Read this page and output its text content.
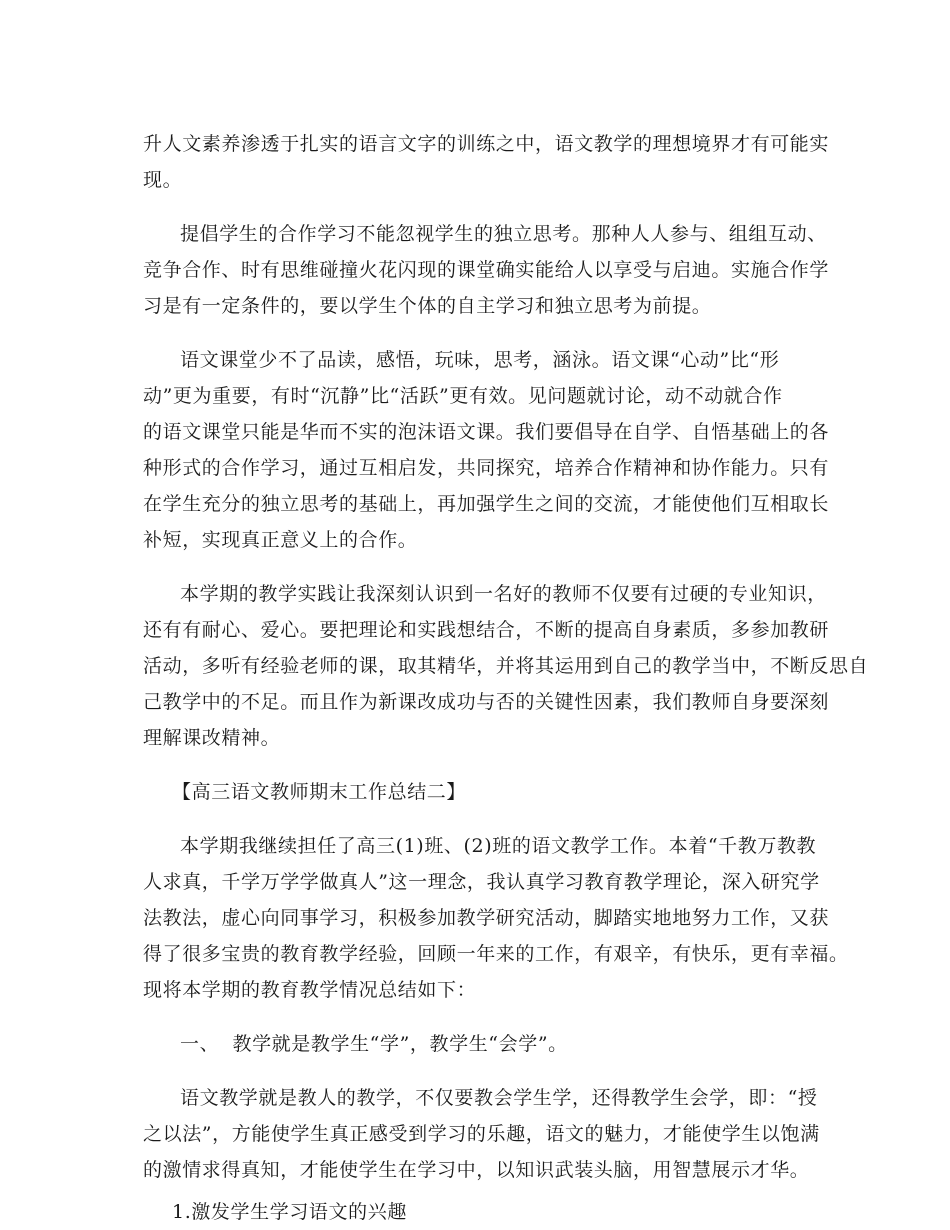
升人文素养渗透于扎实的语言文字的训练之中，语文教学的理想境界才有可能实
现。
提倡学生的合作学习不能忽视学生的独立思考。那种人人参与、组组互动、
竞争合作、时有思维碰撞火花闪现的课堂确实能给人以享受与启迪。实施合作学
习是有一定条件的，要以学生个体的自主学习和独立思考为前提。
语文课堂少不了品读，感悟，玩味，思考，涵泳。语文课“心动”比“形
动”更为重要，有时“沉静”比“活跃”更有效。见问题就讨论，动不动就合作
的语文课堂只能是华而不实的泡沫语文课。我们要倡导在自学、自悟基础上的各
种形式的合作学习，通过互相启发，共同探究，培养合作精神和协作能力。只有
在学生充分的独立思考的基础上，再加强学生之间的交流，才能使他们互相取长
补短，实现真正意义上的合作。
本学期的教学实践让我深刻认识到一名好的教师不仅要有过硬的专业知识，
还有有耐心、爱心。要把理论和实践想结合，不断的提高自身素质，多参加教研
活动，多听有经验老师的课，取其精华，并将其运用到自己的教学当中，不断反思自
己教学中的不足。而且作为新课改成功与否的关键性因素，我们教师自身要深刻
理解课改精神。
【高三语文教师期末工作总结二】
本学期我继续担任了高三(1)班、(2)班的语文教学工作。本着“千教万教教
人求真，千学万学学做真人”这一理念，我认真学习教育教学理论，深入研究学
法教法，虚心向同事学习，积极参加教学研究活动，脚踏实地地努力工作，又获
得了很多宝贵的教育教学经验，回顾一年来的工作，有艰辛，有快乐，更有幸福。
现将本学期的教育教学情况总结如下：
一、  教学就是教学生“学”，教学生“会学”。
语文教学就是教人的教学，不仅要教会学生学，还得教学生会学，即：“授
之以法”，方能使学生真正感受到学习的乐趣，语文的魅力，才能使学生以饱满
的激情求得真知，才能使学生在学习中，以知识武装头脑，用智慧展示才华。
1.激发学生学习语文的兴趣
